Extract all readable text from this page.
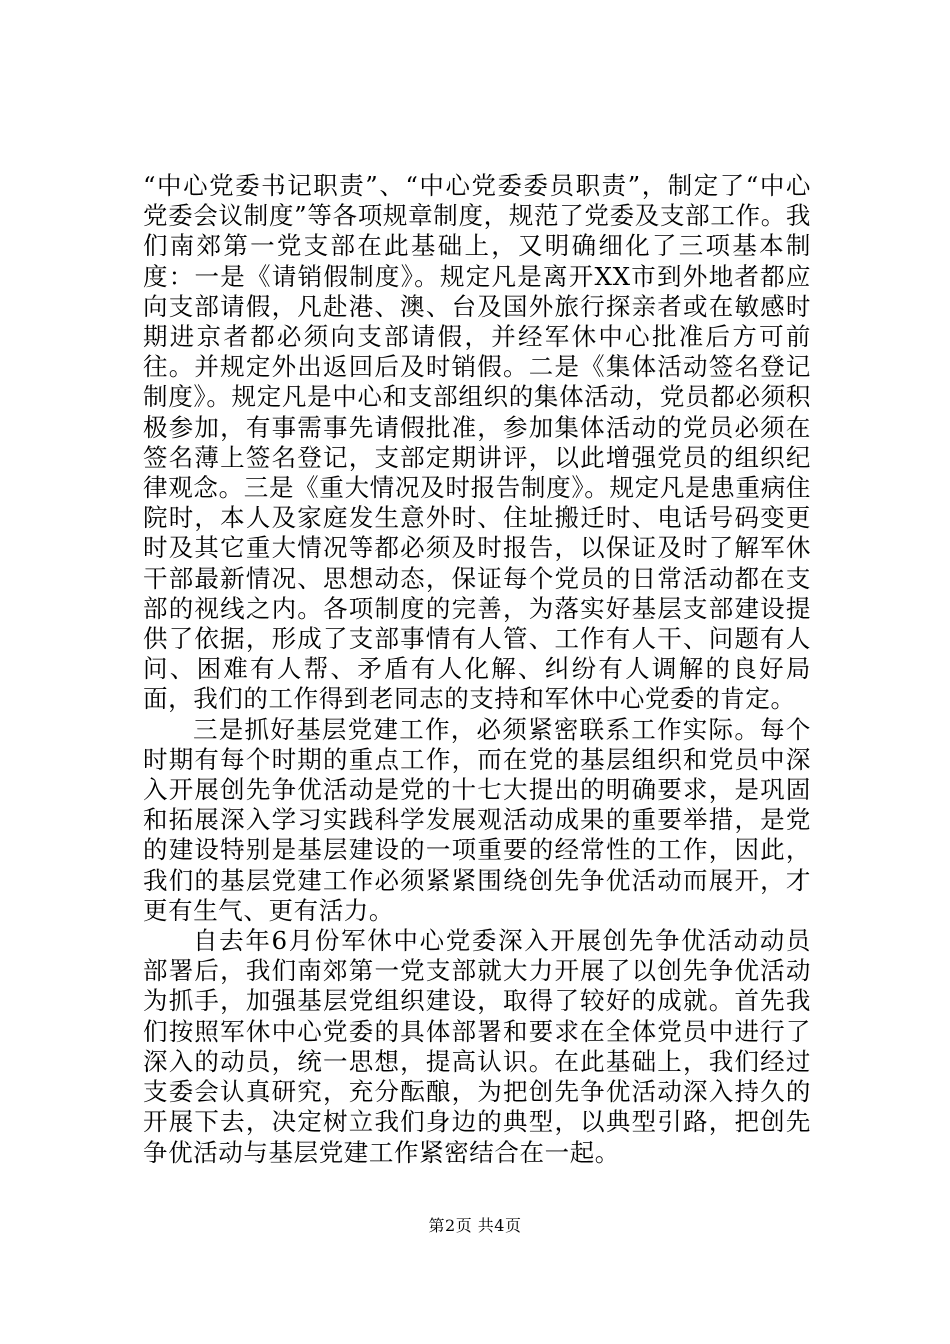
“中心党委书记职责”、“中心党委委员职责”，制定了“中心党委会议制度”等各项规章制度，规范了党委及支部工作。我们南郊第一党支部在此基础上，又明确细化了三项基本制度：一是《请销假制度》。规定凡是离开XX市到外地者都应向支部请假，凡赴港、澳、台及国外旅行探亲者或在敏感时期进京者都必须向支部请假，并经军休中心批准后方可前往。并规定外出返回后及时销假。二是《集体活动签名登记制度》。规定凡是中心和支部组织的集体活动，党员都必须积极参加，有事需事先请假批准，参加集体活动的党员必须在签名薄上签名登记，支部定期讲评，以此增强党员的组织纪律观念。三是《重大情况及时报告制度》。规定凡是患重病住院时，本人及家庭发生意外时、住址搬迁时、电话号码变更时及其它重大情况等都必须及时报告，以保证及时了解军休干部最新情况、思想动态，保证每个党员的日常活动都在支部的视线之内。各项制度的完善，为落实好基层支部建设提供了依据，形成了支部事情有人管、工作有人干、问题有人问、困难有人帮、矛盾有人化解、纠纷有人调解的良好局面，我们的工作得到老同志的支持和军休中心党委的肯定。

三是抓好基层党建工作，必须紧密联系工作实际。每个时期有每个时期的重点工作，而在党的基层组织和党员中深入开展创先争优活动是党的十七大提出的明确要求，是巩固和拓展深入学习实践科学发展观活动成果的重要举措，是党的建设特别是基层建设的一项重要的经常性的工作，因此，我们的基层党建工作必须紧紧围绕创先争优活动而展开，才更有生气、更有活力。

自去年6月份军休中心党委深入开展创先争优活动动员部署后，我们南郊第一党支部就大力开展了以创先争优活动为抓手，加强基层党组织建设，取得了较好的成就。首先我们按照军休中心党委的具体部署和要求在全体党员中进行了深入的动员，统一思想，提高认识。在此基础上，我们经过支委会认真研究，充分酝酿，为把创先争优活动深入持久的开展下去，决定树立我们身边的典型，以典型引路，把创先争优活动与基层党建工作紧密结合在一起。

第2页 共4页
